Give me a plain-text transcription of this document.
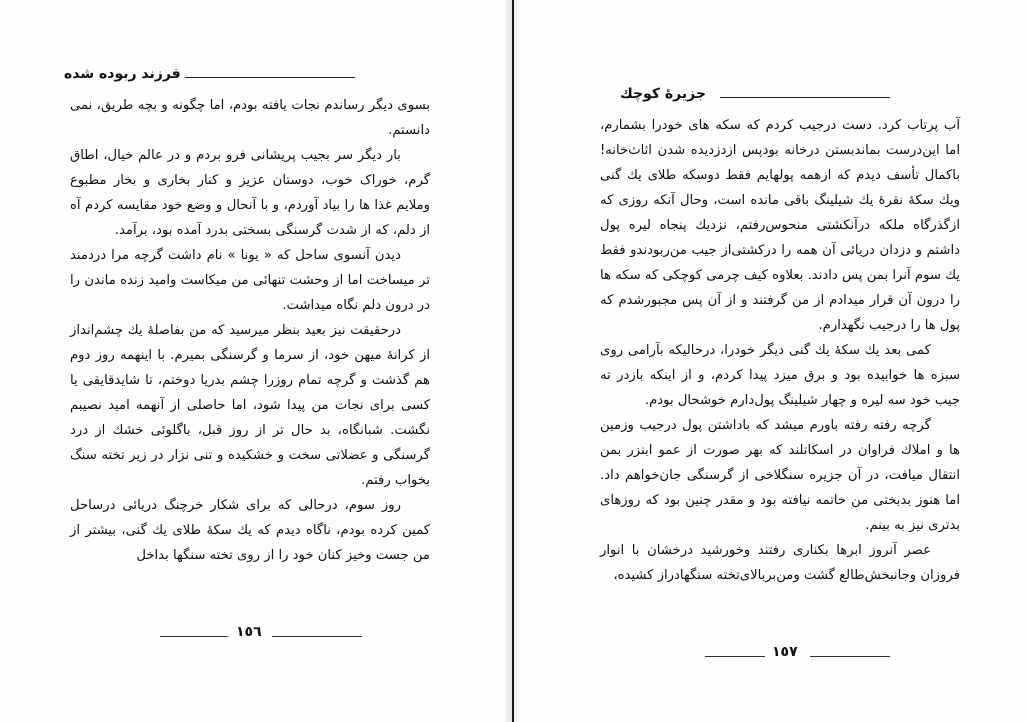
فرزند ربوده شده

بسوی دیگر رساندم نجات یافته بودم، اما چگونه و بچه طریق، نمی دانستم.

بار دیگر سر بجیب پریشانی فرو بردم و در عالم خیال، اطاق گرم، خوراک خوب، دوستان عزیز و کنار بخاری و بخار مطبوع وملایم غذا ها را بیاد آوردم، و با آنحال و وضع خود مقایسه کردم آه از دلم، که از شدت گرسنگی بسختی بدرد آمده بود، برآمد.

دیدن آنسوی ساحل که « یونا » نام داشت گرچه مرا دردمند تر میساخت اما از وحشت تنهائی من میکاست وامید زنده ماندن را در درون دلم نگاه میداشت.

درحقیقت نیز بعید بنظر میرسید که من بفاصلهٔ یك چشم‌انداز از کرانهٔ میهن خود، از سرما و گرسنگی بمیرم. با اینهمه روز دوم هم گذشت و گرچه تمام روزرا چشم بدریا دوختم، تا شایدقایقی یا کسی برای نجات من پیدا شود، اما حاصلی از آنهمه امید نصیبم نگشت. شبانگاه، بد حال تر از روز قبل، باگلوئی خشك از درد گرسنگی و عضلاتی سخت و خشکیده و تنی نزار در زیر تخته سنگ بخواب رفتم.

روز سوم، درحالی که برای شکار خرچنگ دریائی درساحل کمین کرده بودم، ناگاه دیدم که یك سکهٔ طلای یك گنی، بیشتر از من جست وخیز کنان خود را از روی تخته سنگها بداخل

١٥٦
جزیرهٔ کوچك

آب پرتاب کرد. دست درجیب کردم که سکه های خودرا بشمارم، اما این‌درست بماندبستن درخانه بودپس ازدزدیده شدن اثاث‌خانه! باکمال تأسف دیدم که ازهمه پولهایم فقط دوسکه طلای یك گنی ویك سکهٔ نقرهٔ یك شیلینگ باقی مانده است، وحال آنکه روزی که ازگذرگاه ملکه درآنکشتی منحوس‌رفتم، نزدیك پنجاه لیره پول داشتم و دزدان دریائی آن همه را درکشتی‌از جیب من‌ربودندو فقط یك سوم آنرا بمن پس دادند. بعلاوه کیف چرمی کوچکی که سکه ها را درون آن قرار میدادم از من گرفتند و از آن پس مجبورشدم که پول ها را درجیب نگهدارم.

کمی بعد یك سکهٔ یك گنی دیگر خودرا، درحالیکه بآرامی روی سبزه ها خوابیده بود و برق میزد پیدا کردم، و از اینکه بازدر ته جیب خود سه لیره و چهار شیلینگ پول‌دارم خوشحال بودم.

گرچه رفته رفته باورم میشد که باداشتن پول درجیب وزمین ها و املاك فراوان در اسکاتلند که بهر صورت از عمو ابنزر بمن انتقال میافت، در آن جزیره سنگلاخی از گرسنگی جان‌خواهم داد. اما هنوز بدبختی من خاتمه نیافته بود و مقدر چنین بود که روزهای بدتری نیز به بینم.

عصر آنروز ابرها بکناری رفتند وخورشید درخشان با انوار فروزان وجانبخش‌طالع گشت ومن‌بربالای‌تخته سنگهادراز کشیده،

١٥٧
